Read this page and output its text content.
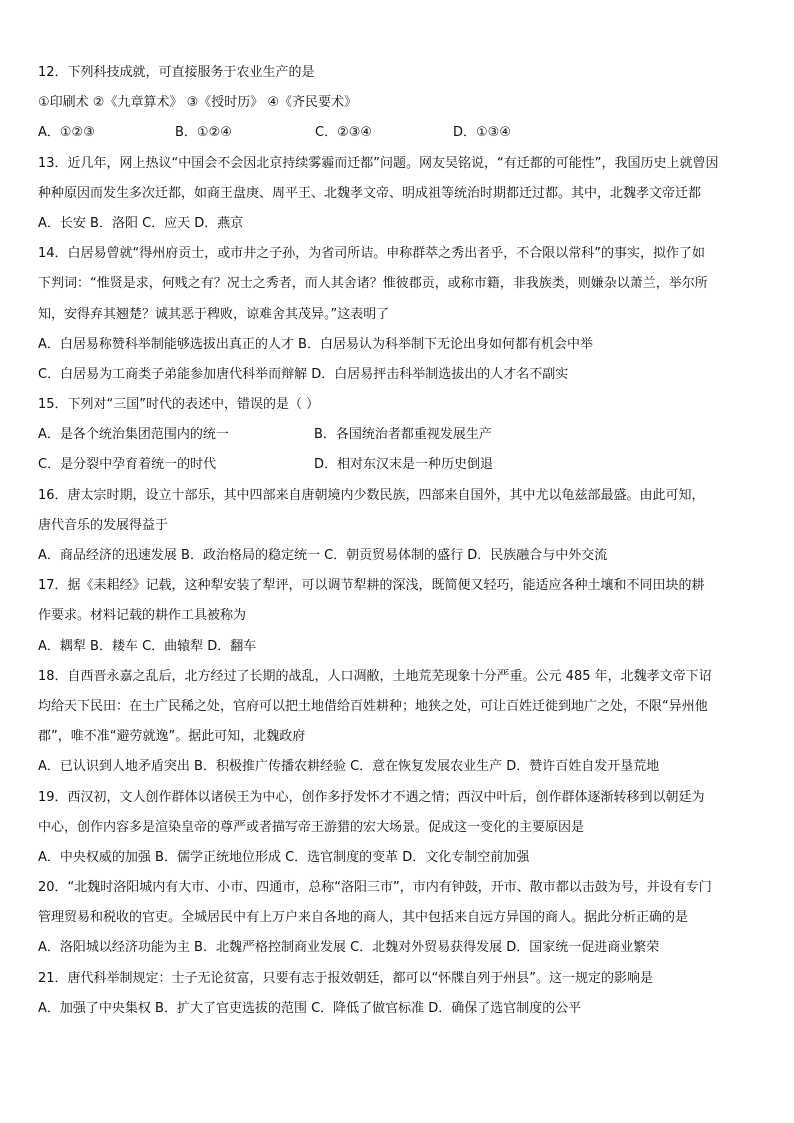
12．下列科技成就，可直接服务于农业生产的是
①印刷术 ②《九章算术》 ③《授时历》 ④《齐民要术》
A．①②③	B．①②④	C．②③④	D．①③④
13．近几年，网上热议“中国会不会因北京持续雾霾而迁都”问题。网友吴铭说，“有迁都的可能性”，我国历史上就曾因
种种原因而发生多次迁都，如商王盘庚、周平王、北魏孝文帝、明成祖等统治时期都迁过都。其中，北魏孝文帝迁都
A．长安 B．洛阳 C．应天 D．燕京
14．白居易曾就“得州府贡士，或市井之子孙，为省司所诘。申称群萃之秀出者乎，不合限以常科”的事实，拟作了如
下判词：“惟贤是求，何贱之有？况士之秀者，而人其舍诸？惟彼郡贡，或称市籍，非我族类，则嫌杂以萧兰，举尔所
知，安得弃其翘楚？诚其恶于稗败，谅难舍其茂异。”这表明了
A．白居易称赞科举制能够选拔出真正的人才 B．白居易认为科举制下无论出身如何都有机会中举
C．白居易为工商类子弟能参加唐代科举而辩解 D．白居易抨击科举制选拔出的人才名不副实
15．下列对“三国”时代的表述中，错误的是（ ）
A．是各个统治集团范围内的统一	B．各国统治者都重视发展生产
C．是分裂中孕育着统一的时代	D．相对东汉末是一种历史倒退
16．唐太宗时期，设立十部乐，其中四部来自唐朝境内少数民族，四部来自国外，其中尤以龟兹部最盛。由此可知，
唐代音乐的发展得益于
A．商品经济的迅速发展 B．政治格局的稳定统一 C．朝贡贸易体制的盛行 D．民族融合与中外交流
17．据《耒耜经》记载，这种犁安装了犁评，可以调节犁耕的深浅，既简便又轻巧，能适应各种土壤和不同田块的耕
作要求。材料记载的耕作工具被称为
A．耦犁 B．耧车 C．曲辕犁 D．翻车
18．自西晋永嘉之乱后，北方经过了长期的战乱，人口凋敝，土地荒芜现象十分严重。公元 485 年，北魏孝文帝下诏
均给天下民田：在土广民稀之处，官府可以把土地借给百姓耕种；地狭之处，可让百姓迁徙到地广之处，不限“异州他
郡”，唯不准“避劳就逸”。据此可知，北魏政府
A．已认识到人地矛盾突出 B．积极推广传播农耕经验 C．意在恢复发展农业生产 D．赞许百姓自发开垦荒地
19．西汉初，文人创作群体以诸侯王为中心，创作多抒发怀才不遇之情；西汉中叶后，创作群体逐渐转移到以朝廷为
中心，创作内容多是渲染皇帝的尊严或者描写帝王游猎的宏大场景。促成这一变化的主要原因是
A．中央权威的加强 B．儒学正统地位形成 C．选官制度的变革 D．文化专制空前加强
20．“北魏时洛阳城内有大市、小市、四通市，总称“洛阳三市”，市内有钟鼓，开市、散市都以击鼓为号，并设有专门
管理贸易和税收的官吏。全城居民中有上万户来自各地的商人，其中包括来自远方异国的商人。据此分析正确的是
A．洛阳城以经济功能为主 B．北魏严格控制商业发展 C．北魏对外贸易获得发展 D．国家统一促进商业繁荣
21．唐代科举制规定：士子无论贫富，只要有志于报效朝廷，都可以“怀牒自列于州县”。这一规定的影响是
A．加强了中央集权 B．扩大了官吏选拔的范围 C．降低了做官标准 D．确保了选官制度的公平
